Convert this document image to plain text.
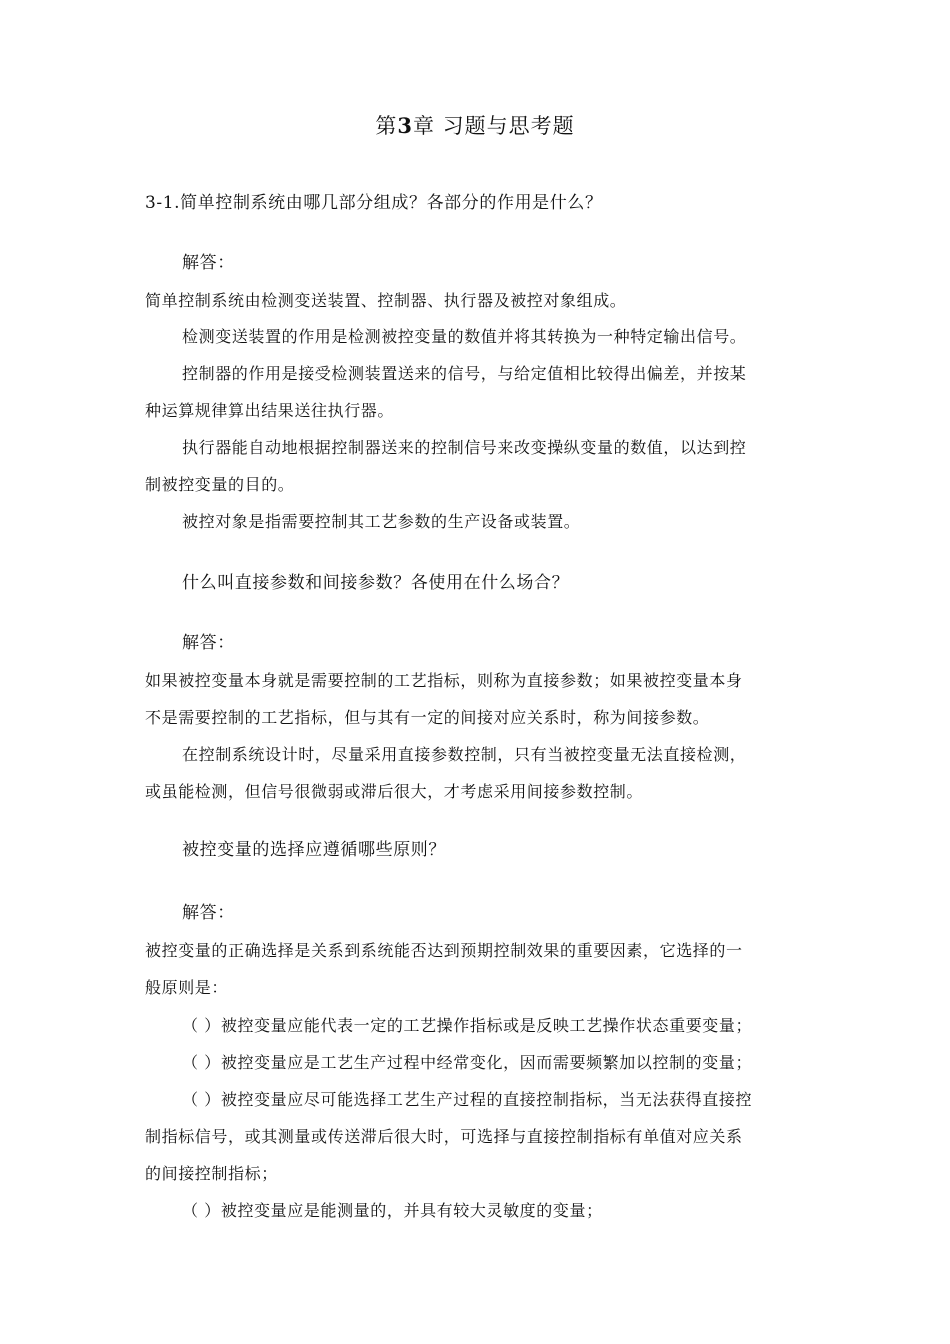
第3章 习题与思考题
3-1.简单控制系统由哪几部分组成？各部分的作用是什么？
解答：
简单控制系统由检测变送装置、控制器、执行器及被控对象组成。
检测变送装置的作用是检测被控变量的数值并将其转换为一种特定输出信号。
控制器的作用是接受检测装置送来的信号，与给定值相比较得出偏差，并按某
种运算规律算出结果送往执行器。
执行器能自动地根据控制器送来的控制信号来改变操纵变量的数值，以达到控
制被控变量的目的。
被控对象是指需要控制其工艺参数的生产设备或装置。
什么叫直接参数和间接参数？各使用在什么场合？
解答：
如果被控变量本身就是需要控制的工艺指标，则称为直接参数；如果被控变量本身
不是需要控制的工艺指标，但与其有一定的间接对应关系时，称为间接参数。
在控制系统设计时，尽量采用直接参数控制，只有当被控变量无法直接检测，
或虽能检测，但信号很微弱或滞后很大，才考虑采用间接参数控制。
被控变量的选择应遵循哪些原则？
解答：
被控变量的正确选择是关系到系统能否达到预期控制效果的重要因素，它选择的一
般原则是：
（ ）被控变量应能代表一定的工艺操作指标或是反映工艺操作状态重要变量；
（ ）被控变量应是工艺生产过程中经常变化，因而需要频繁加以控制的变量；
（ ）被控变量应尽可能选择工艺生产过程的直接控制指标，当无法获得直接控
制指标信号，或其测量或传送滞后很大时，可选择与直接控制指标有单值对应关系
的间接控制指标；
（ ）被控变量应是能测量的，并具有较大灵敏度的变量；
